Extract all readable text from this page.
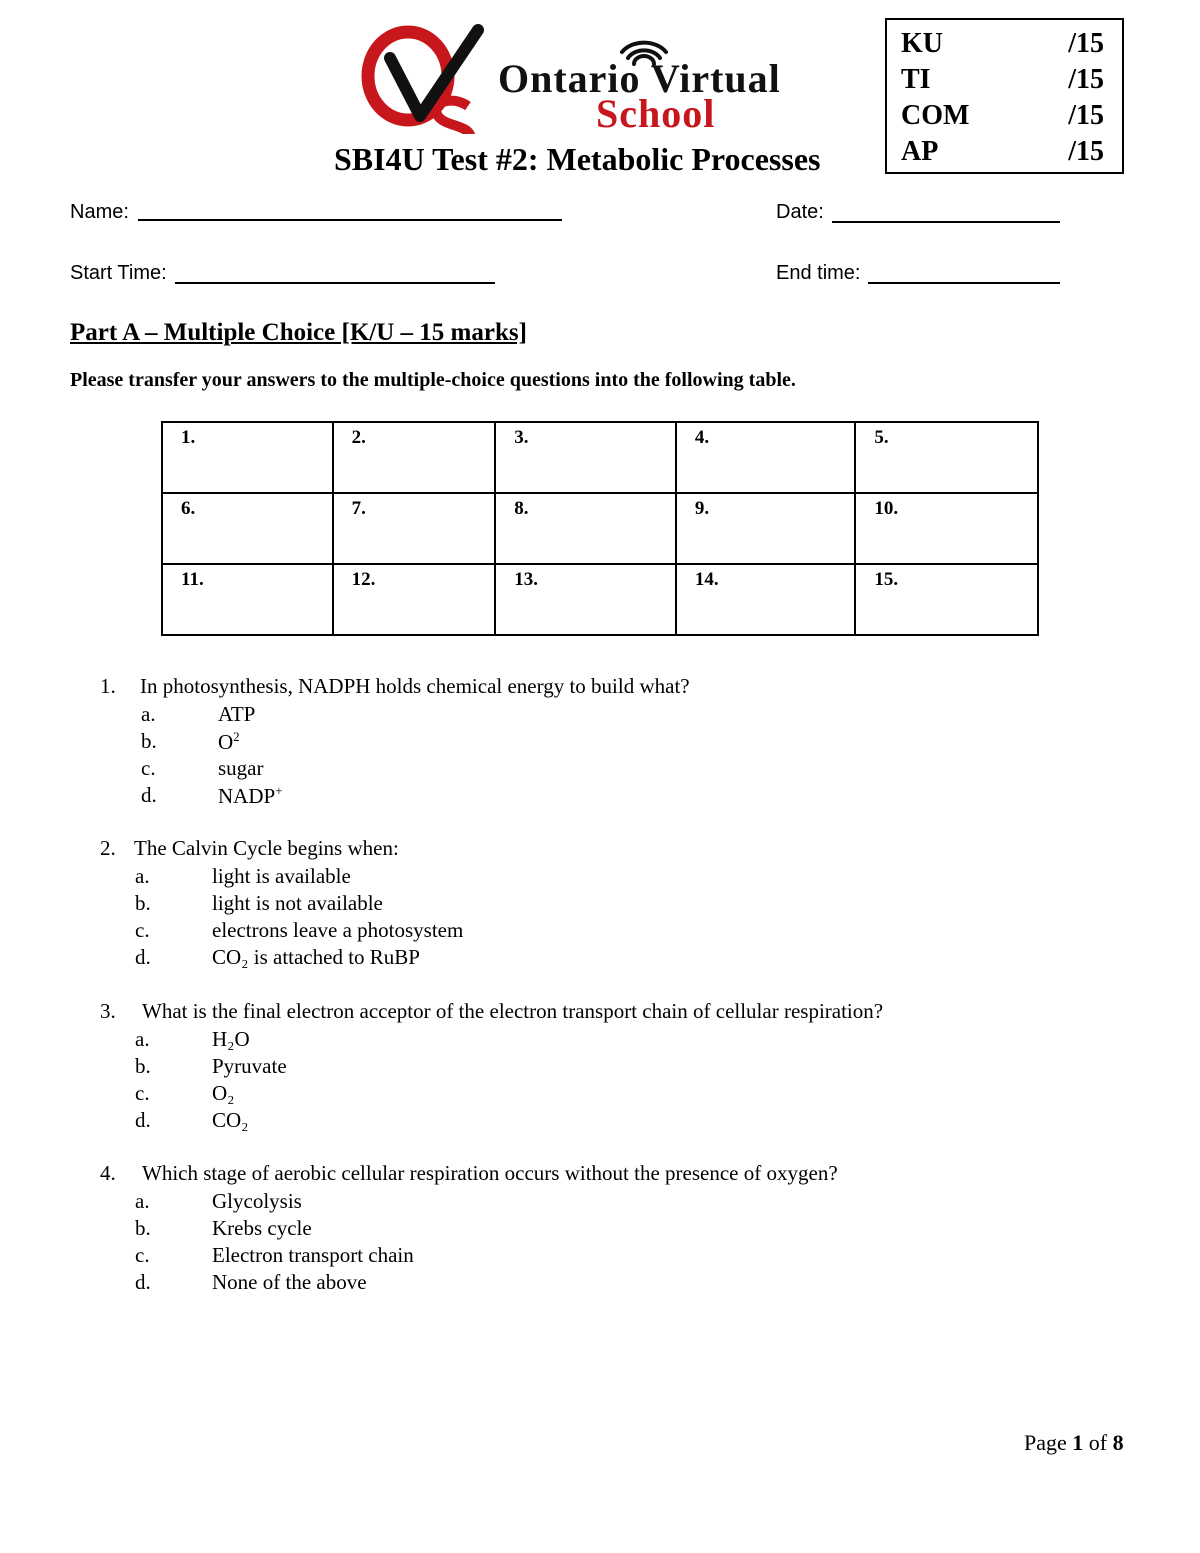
Ontario Virtual
School
SBI4U Test #2: Metabolic Processes
KU	/15
TI	/15
COM	/15
AP	/15
Name:	Date:
Start Time:	End time:
Part A – Multiple Choice [K/U – 15 marks]
Please transfer your answers to the multiple-choice questions into the following table.
1.	2.	3.	4.	5.
6.	7.	8.	9.	10.
11.	12.	13.	14.	15.
1. In photosynthesis, NADPH holds chemical energy to build what?
a.	ATP
b.	$O^2$
c.	sugar
d.	NADP+
2. The Calvin Cycle begins when:
a.	light is available
b.	light is not available
c.	electrons leave a photosystem
d.	CO₂ is attached to RuBP
3. What is the final electron acceptor of the electron transport chain of cellular respiration?
a.	H₂O
b.	Pyruvate
c.	O₂
d.	CO₂
4. Which stage of aerobic cellular respiration occurs without the presence of oxygen?
a.	Glycolysis
b.	Krebs cycle
c.	Electron transport chain
d.	None of the above
Page 1 of 8
